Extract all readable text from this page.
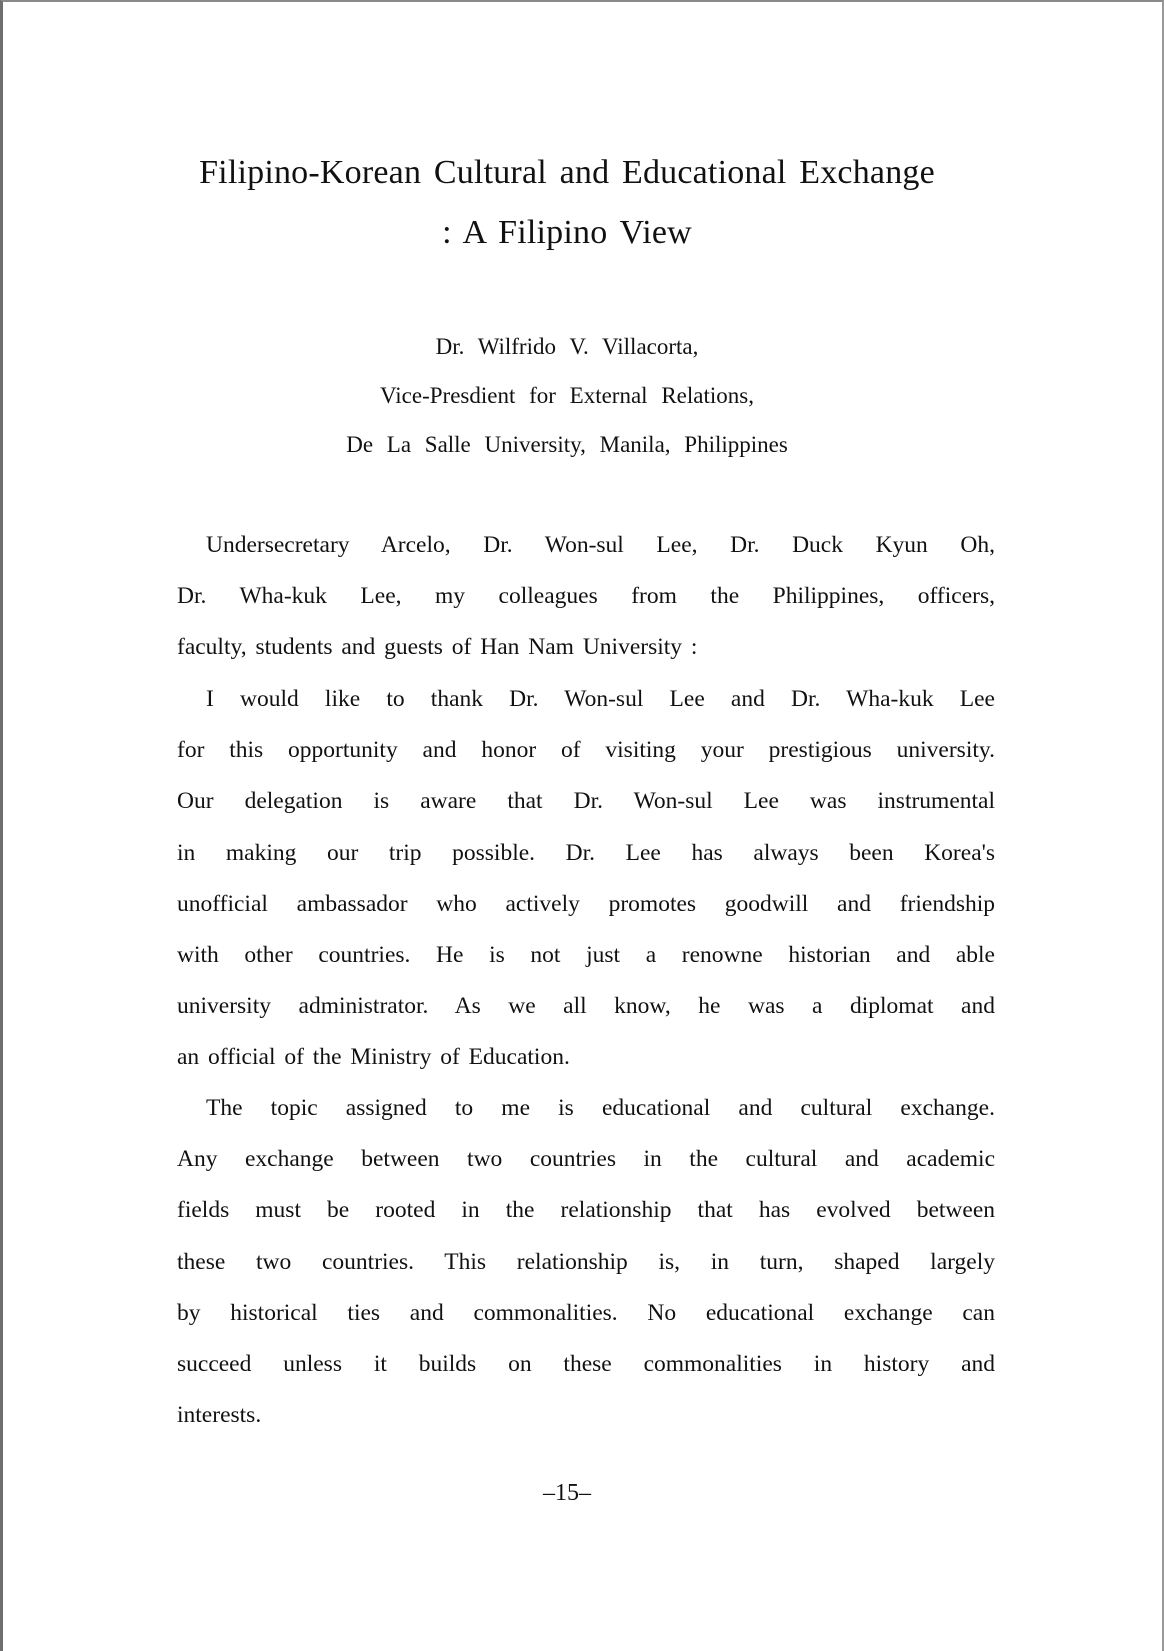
Filipino-Korean Cultural and Educational Exchange
: A Filipino View
Dr. Wilfrido V. Villacorta,
Vice-Presdient for External Relations,
De La Salle University, Manila, Philippines
Undersecretary Arcelo, Dr. Won-sul Lee, Dr. Duck Kyun Oh,
Dr. Wha-kuk Lee, my colleagues from the Philippines, officers,
faculty, students and guests of Han Nam University :
I would like to thank Dr. Won-sul Lee and Dr. Wha-kuk Lee
for this opportunity and honor of visiting your prestigious university.
Our delegation is aware that Dr. Won-sul Lee was instrumental
in making our trip possible. Dr. Lee has always been Korea's
unofficial ambassador who actively promotes goodwill and friendship
with other countries. He is not just a renowne historian and able
university administrator. As we all know, he was a diplomat and
an official of the Ministry of Education.
The topic assigned to me is educational and cultural exchange.
Any exchange between two countries in the cultural and academic
fields must be rooted in the relationship that has evolved between
these two countries. This relationship is, in turn, shaped largely
by historical ties and commonalities. No educational exchange can
succeed unless it builds on these commonalities in history and
interests.
–15–
